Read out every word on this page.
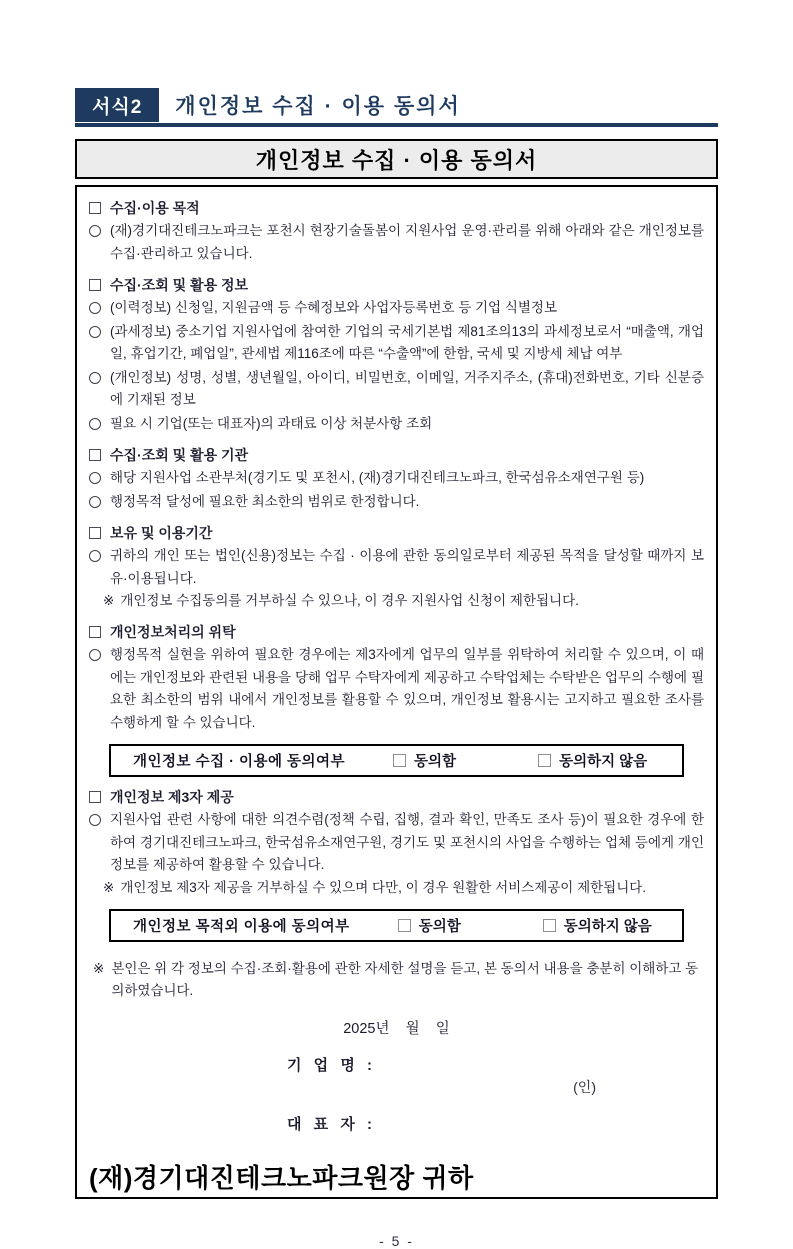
서식2	개인정보 수집 · 이용 동의서
개인정보 수집 · 이용 동의서
수집·이용 목적
(재)경기대진테크노파크는 포천시 현장기술돌봄이 지원사업 운영·관리를 위해 아래와 같은 개인정보를 수집·관리하고 있습니다.
수집·조회 및 활용 정보
(이력정보) 신청일, 지원금액 등 수혜정보와 사업자등록번호 등 기업 식별정보
(과세정보) 중소기업 지원사업에 참여한 기업의 국세기본법 제81조의13의 과세정보로서 “매출액, 개업일, 휴업기간, 폐업일”, 관세법 제116조에 따른 “수출액”에 한함, 국세 및 지방세 체납 여부
(개인정보) 성명, 성별, 생년월일, 아이디, 비밀번호, 이메일, 거주지주소, (휴대)전화번호, 기타 신분증에 기재된 정보
필요 시 기업(또는 대표자)의 과태료 이상 처분사항 조회
수집·조회 및 활용 기관
해당 지원사업 소관부처(경기도 및 포천시, (재)경기대진테크노파크, 한국섬유소재연구원 등)
행정목적 달성에 필요한 최소한의 범위로 한정합니다.
보유 및 이용기간
귀하의 개인 또는 법인(신용)정보는 수집 · 이용에 관한 동의일로부터 제공된 목적을 달성할 때까지 보유·이용됩니다.
※ 개인정보 수집동의를 거부하실 수 있으나, 이 경우 지원사업 신청이 제한됩니다.
개인정보처리의 위탁
행정목적 실현을 위하여 필요한 경우에는 제3자에게 업무의 일부를 위탁하여 처리할 수 있으며, 이 때에는 개인정보와 관련된 내용을 당해 업무 수탁자에게 제공하고 수탁업체는 수탁받은 업무의 수행에 필요한 최소한의 범위 내에서 개인정보를 활용할 수 있으며, 개인정보 활용시는 고지하고 필요한 조사를 수행하게 할 수 있습니다.
개인정보 수집 · 이용에 동의여부	동의함	동의하지 않음
개인정보 제3자 제공
지원사업 관련 사항에 대한 의견수렴(정책 수립, 집행, 결과 확인, 만족도 조사 등)이 필요한 경우에 한하여 경기대진테크노파크, 한국섬유소재연구원, 경기도 및 포천시의 사업을 수행하는 업체 등에게 개인정보를 제공하여 활용할 수 있습니다.
※ 개인정보 제3자 제공을 거부하실 수 있으며 다만, 이 경우 원활한 서비스제공이 제한됩니다.
개인정보 목적외 이용에 동의여부	동의함	동의하지 않음
※ 본인은 위 각 정보의 수집·조회·활용에 관한 자세한 설명을 듣고, 본 동의서 내용을 충분히 이해하고 동의하였습니다.
2025년    월    일
기 업 명 :
(인)
대 표 자 :
(재)경기대진테크노파크원장 귀하
- 5 -
